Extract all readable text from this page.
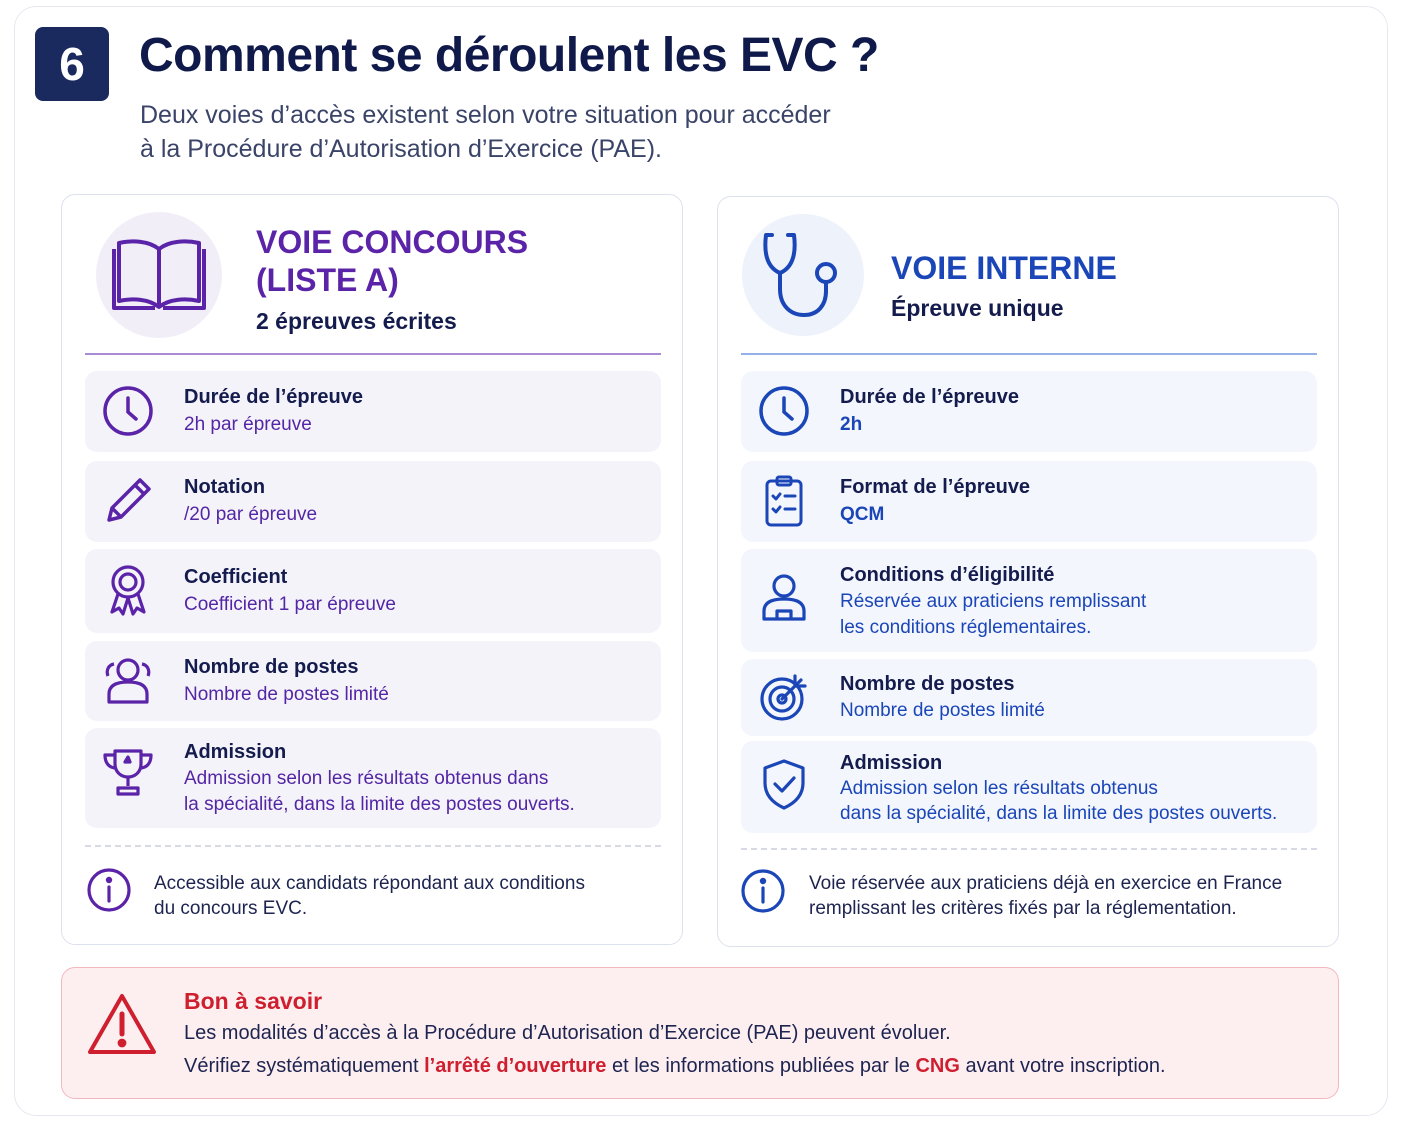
6	Comment se déroulent les EVC ?
Deux voies d’accès existent selon votre situation pour accéder
à la Procédure d’Autorisation d’Exercice (PAE).
VOIE CONCOURS
(LISTE A)
2 épreuves écrites
Durée de l’épreuve
2h par épreuve
Notation
/20 par épreuve
Coefficient
Coefficient 1 par épreuve
Nombre de postes
Nombre de postes limité
Admission
Admission selon les résultats obtenus dans
la spécialité, dans la limite des postes ouverts.
Accessible aux candidats répondant aux conditions
du concours EVC.
VOIE INTERNE
Épreuve unique
Durée de l’épreuve
2h
Format de l’épreuve
QCM
Conditions d’éligibilité
Réservée aux praticiens remplissant
les conditions réglementaires.
Nombre de postes
Nombre de postes limité
Admission
Admission selon les résultats obtenus
dans la spécialité, dans la limite des postes ouverts.
Voie réservée aux praticiens déjà en exercice en France
remplissant les critères fixés par la réglementation.
Bon à savoir
Les modalités d’accès à la Procédure d’Autorisation d’Exercice (PAE) peuvent évoluer.
Vérifiez systématiquement l’arrêté d’ouverture et les informations publiées par le CNG avant votre inscription.
